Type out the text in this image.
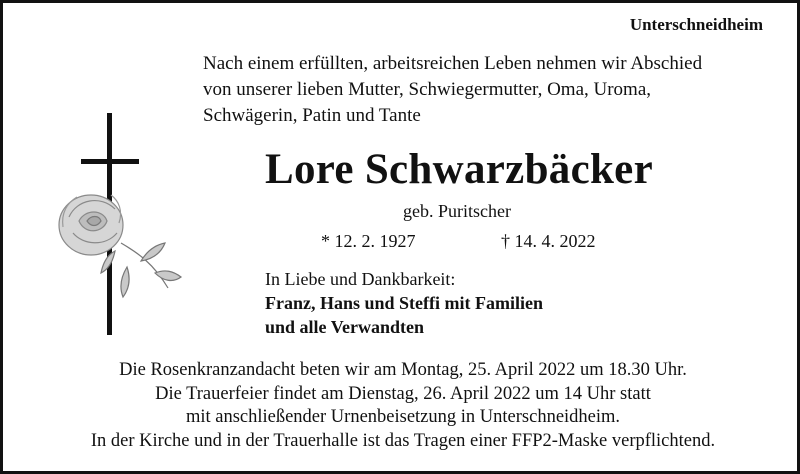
Unterschneidheim
Nach einem erfüllten, arbeitsreichen Leben nehmen wir Abschied
von unserer lieben Mutter, Schwiegermutter, Oma, Uroma,
Schwägerin, Patin und Tante
Lore Schwarzbäcker
geb. Puritscher
* 12. 2. 1927	† 14. 4. 2022
In Liebe und Dankbarkeit:
Franz, Hans und Steffi mit Familien
und alle Verwandten
Die Rosenkranzandacht beten wir am Montag, 25. April 2022 um 18.30 Uhr.
Die Trauerfeier findet am Dienstag, 26. April 2022 um 14 Uhr statt
mit anschließender Urnenbeisetzung in Unterschneidheim.
In der Kirche und in der Trauerhalle ist das Tragen einer FFP2-Maske verpflichtend.
